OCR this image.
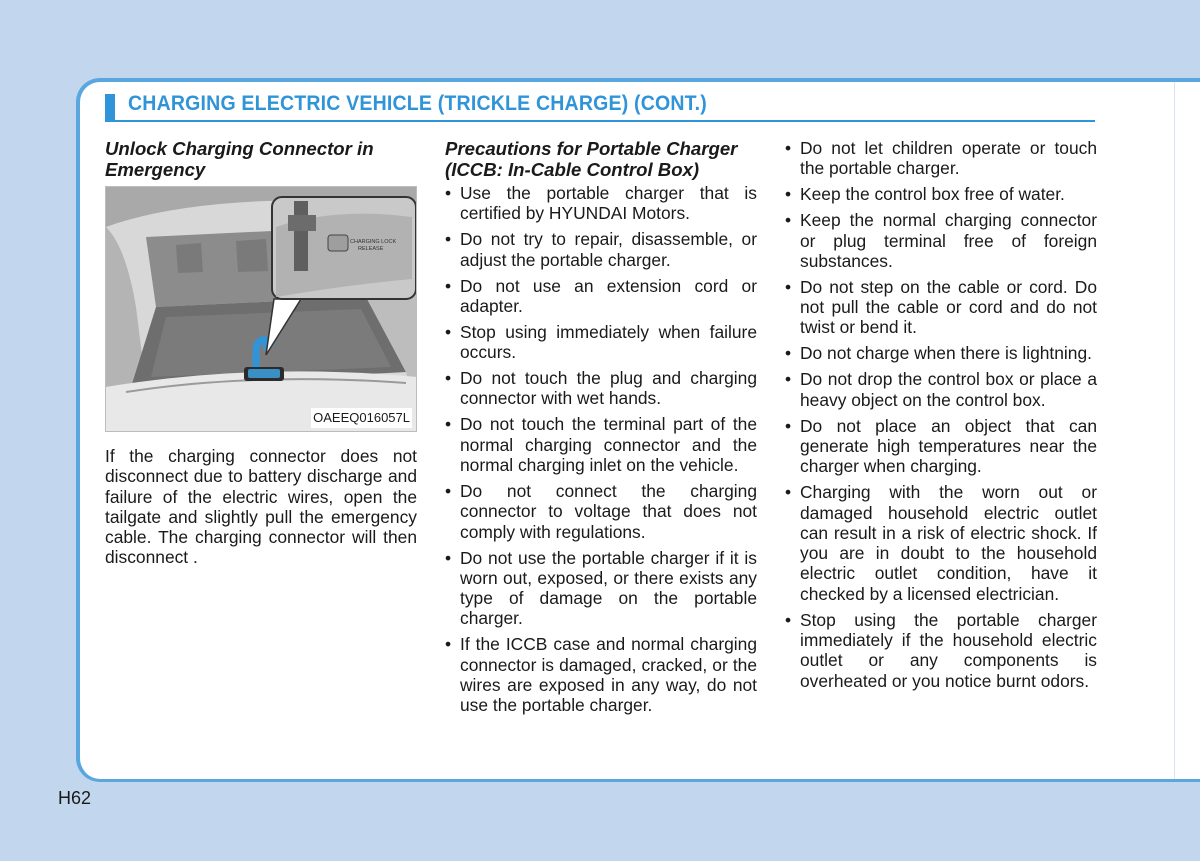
CHARGING ELECTRIC VEHICLE (TRICKLE CHARGE) (CONT.)
Unlock Charging Connector in Emergency
CHARGING LOCK
RELEASE
OAEEQ016057L

If the charging connector does not disconnect due to battery discharge and failure of the electric wires, open the tailgate and slightly pull the emergency cable. The charging connector will then disconnect .

Precautions for Portable Charger (ICCB: In-Cable Control Box)
• Use the portable charger that is certified by HYUNDAI Motors.
• Do not try to repair, disassemble, or adjust the portable charger.
• Do not use an extension cord or adapter.
• Stop using immediately when failure occurs.
• Do not touch the plug and charging connector with wet hands.
• Do not touch the terminal part of the normal charging connector and the normal charging inlet on the vehicle.
• Do not connect the charging connector to voltage that does not comply with regulations.
• Do not use the portable charger if it is worn out, exposed, or there exists any type of damage on the portable charger.
• If the ICCB case and normal charging connector is damaged, cracked, or the wires are exposed in any way, do not use the portable charger.
• Do not let children operate or touch the portable charger.
• Keep the control box free of water.
• Keep the normal charging connector or plug terminal free of foreign substances.
• Do not step on the cable or cord. Do not pull the cable or cord and do not twist or bend it.
• Do not charge when there is lightning.
• Do not drop the control box or place a heavy object on the control box.
• Do not place an object that can generate high temperatures near the charger when charging.
• Charging with the worn out or damaged household electric outlet can result in a risk of electric shock. If you are in doubt to the household electric outlet condition, have it checked by a licensed electrician.
• Stop using the portable charger immediately if the household electric outlet or any components is overheated or you notice burnt odors.
H62
